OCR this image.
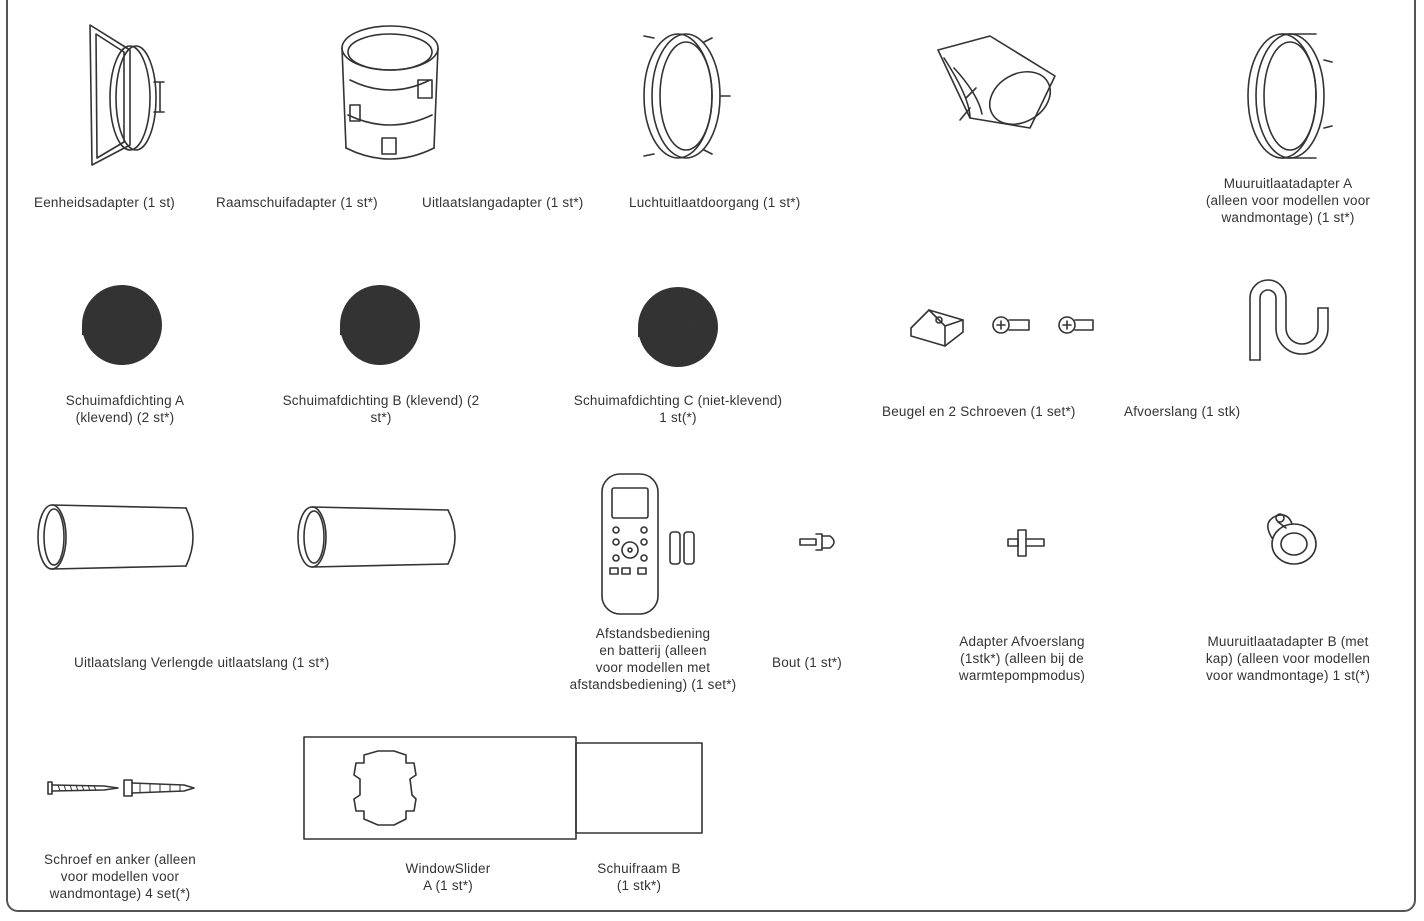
Eenheidsadapter (1 st)	Raamschuifadapter (1 st*)	Uitlaatslangadapter (1 st*)	Luchtuitlaatdoorgang (1 st*)
Muuruitlaatadapter A
(alleen voor modellen voor
wandmontage) (1 st*)
Schuimafdichting A
(klevend) (2 st*)
Schuimafdichting B (klevend) (2
st*)
Schuimafdichting C (niet-klevend)
1 st(*)	Beugel en 2 Schroeven (1 set*)	Afvoerslang (1 stk)
Uitlaatslang Verlengde uitlaatslang (1 st*)
Afstandsbediening
en batterij (alleen
voor modellen met
afstandsbediening) (1 set*)
Bout (1 st*)
Adapter Afvoerslang
(1stk*) (alleen bij de
warmtepompmodus)
Muuruitlaatadapter B (met
kap) (alleen voor modellen
voor wandmontage) 1 st(*)
Schroef en anker (alleen
voor modellen voor
wandmontage) 4 set(*)
WindowSlider
A (1 st*)
Schuifraam B
(1 stk*)
